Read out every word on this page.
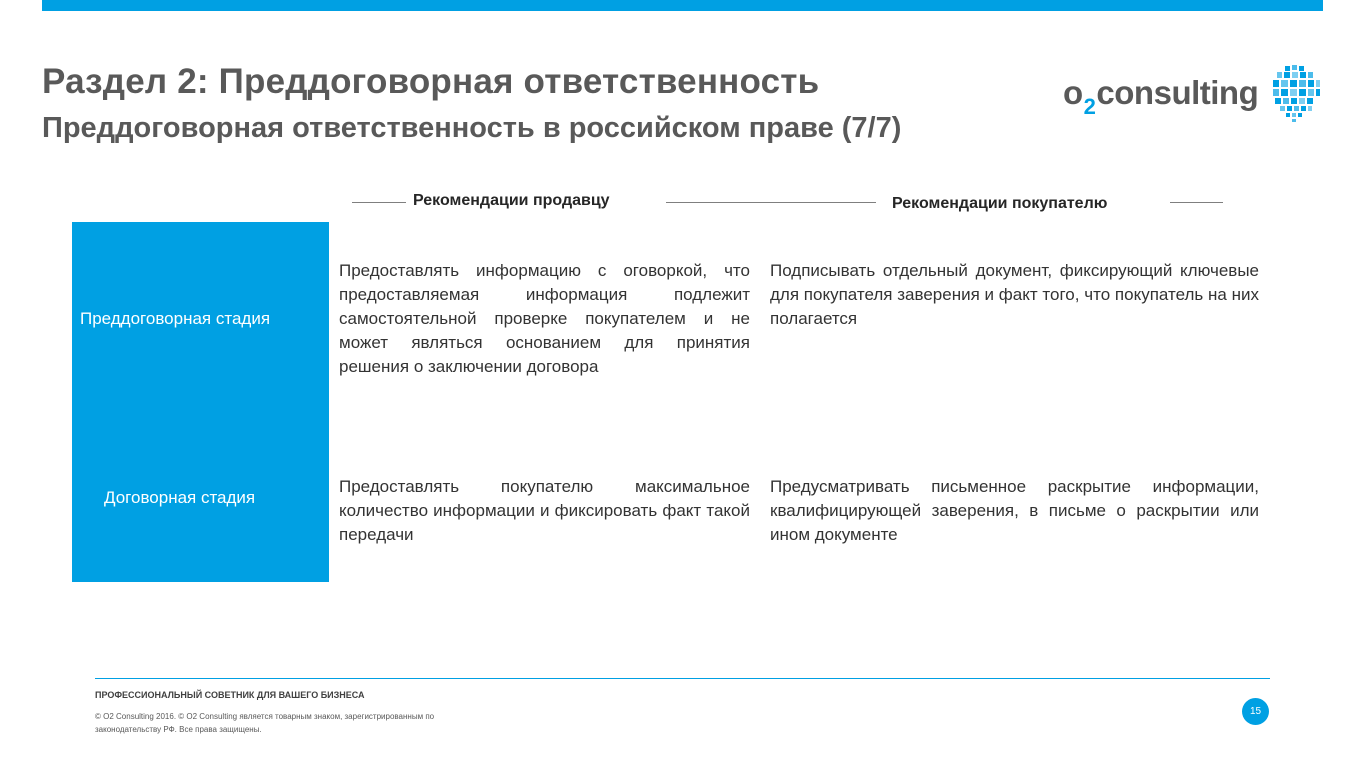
Раздел 2: Преддоговорная ответственность
Преддоговорная ответственность в российском праве (7/7)
$o_2consulting$
Рекомендации продавцу	Рекомендации покупателю
Преддоговорная стадия
Договорная стадия
Предоставлять информацию с оговоркой, что предоставляемая информация подлежит самостоятельной проверке покупателем и не может являться основанием для принятия решения о заключении договора
Подписывать отдельный документ, фиксирующий ключевые для покупателя заверения и факт того, что покупатель на них полагается
Предоставлять покупателю максимальное количество информации и фиксировать факт такой передачи
Предусматривать письменное раскрытие информации, квалифицирующей заверения, в письме о раскрытии или ином документе
ПРОФЕССИОНАЛЬНЫЙ СОВЕТНИК ДЛЯ ВАШЕГО БИЗНЕСА
© O2 Consulting 2016. © O2 Consulting является товарным знаком, зарегистрированным по законодательству РФ. Все права защищены.
15
